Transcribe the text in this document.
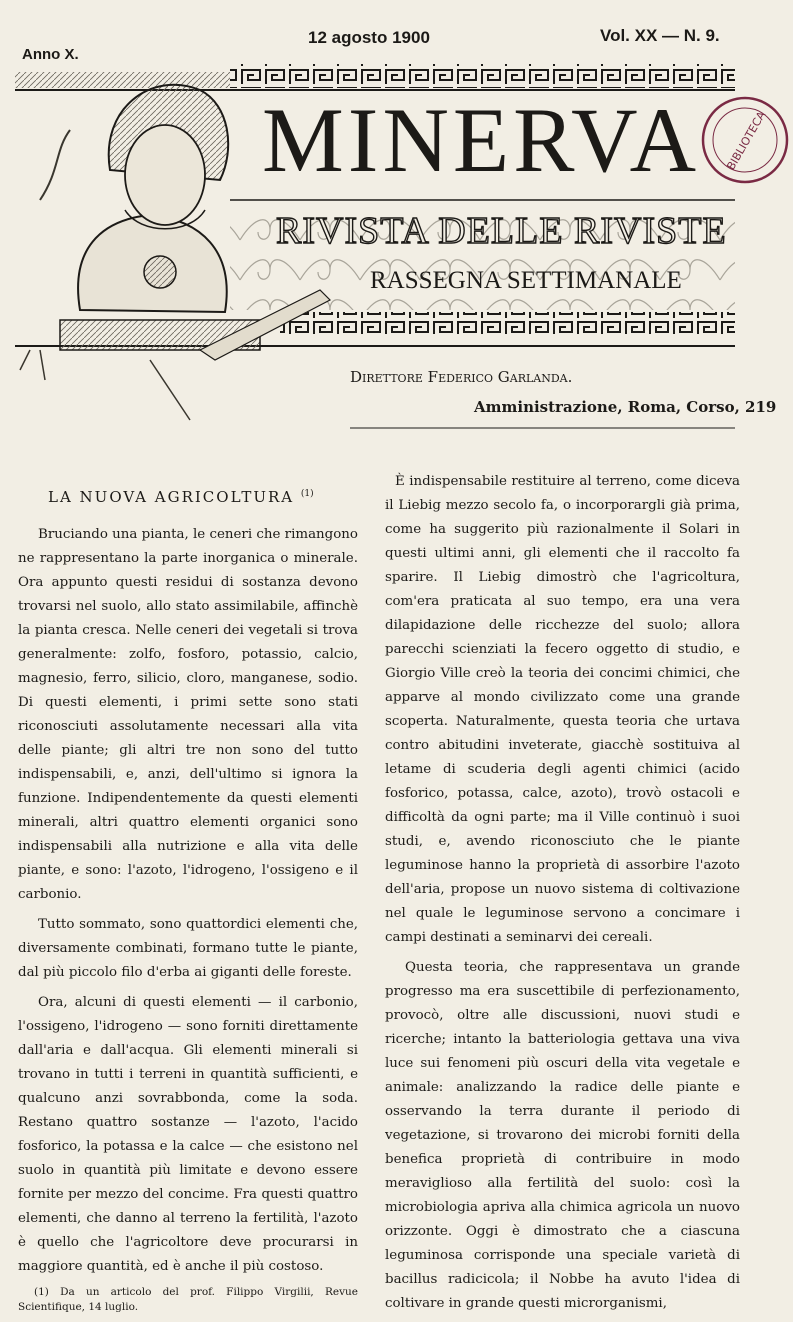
Anno X.
12 agosto 1900	Vol. XX — N. 9.
BIBLIOTECA
MINERVA
RIVISTA DELLE RIVISTE
RASSEGNA SETTIMANALE
Direttore Federico Garlanda.
Amministrazione, Roma, Corso, 219

LA NUOVA AGRICOLTURA $^{(1)}$

Bruciando una pianta, le ceneri che rimangono ne rappresentano la parte inorganica o minerale. Ora appunto questi residui di sostanza devono trovarsi nel suolo, allo stato assimilabile, affinchè la pianta cresca. Nelle ceneri dei vegetali si trova generalmente: zolfo, fosforo, potassio, calcio, magnesio, ferro, silicio, cloro, manganese, sodio. Di questi elementi, i primi sette sono stati riconosciuti assolutamente necessari alla vita delle piante; gli altri tre non sono del tutto indispensabili, e, anzi, dell'ultimo si ignora la funzione. Indipendentemente da questi elementi minerali, altri quattro elementi organici sono indispensabili alla nutrizione e alla vita delle piante, e sono: l'azoto, l'idrogeno, l'ossigeno e il carbonio.

Tutto sommato, sono quattordici elementi che, diversamente combinati, formano tutte le piante, dal più piccolo filo d'erba ai giganti delle foreste.

Ora, alcuni di questi elementi — il carbonio, l'ossigeno, l'idrogeno — sono forniti direttamente dall'aria e dall'acqua. Gli elementi minerali si trovano in tutti i terreni in quantità sufficienti, e qualcuno anzi sovrabbonda, come la soda. Restano quattro sostanze — l'azoto, l'acido fosforico, la potassa e la calce — che esistono nel suolo in quantità più limitate e devono essere fornite per mezzo del concime. Fra questi quattro elementi, che danno al terreno la fertilità, l'azoto è quello che l'agricoltore deve procurarsi in maggiore quantità, ed è anche il più costoso.

(1) Da un articolo del prof. Filippo Virgilii, Revue Scientifique, 14 luglio.

È indispensabile restituire al terreno, come diceva il Liebig mezzo secolo fa, o incorporargli già prima, come ha suggerito più razionalmente il Solari in questi ultimi anni, gli elementi che il raccolto fa sparire. Il Liebig dimostrò che l'agricoltura, com'era praticata al suo tempo, era una vera dilapidazione delle ricchezze del suolo; allora parecchi scienziati la fecero oggetto di studio, e Giorgio Ville creò la teoria dei concimi chimici, che apparve al mondo civilizzato come una grande scoperta. Naturalmente, questa teoria che urtava contro abitudini inveterate, giacchè sostituiva al letame di scuderia degli agenti chimici (acido fosforico, potassa, calce, azoto), trovò ostacoli e difficoltà da ogni parte; ma il Ville continuò i suoi studi, e, avendo riconosciuto che le piante leguminose hanno la proprietà di assorbire l'azoto dell'aria, propose un nuovo sistema di coltivazione nel quale le leguminose servono a concimare i campi destinati a seminarvi dei cereali.

Questa teoria, che rappresentava un grande progresso ma era suscettibile di perfezionamento, provocò, oltre alle discussioni, nuovi studi e ricerche; intanto la batteriologia gettava una viva luce sui fenomeni più oscuri della vita vegetale e animale: analizzando la radice delle piante e osservando la terra durante il periodo di vegetazione, si trovarono dei microbi forniti della benefica proprietà di contribuire in modo meraviglioso alla fertilità del suolo: così la microbiologia apriva alla chimica agricola un nuovo orizzonte. Oggi è dimostrato che a ciascuna leguminosa corrisponde una speciale varietà di bacillus radicicola; il Nobbe ha avuto l'idea di coltivare in grande questi microrganismi,
